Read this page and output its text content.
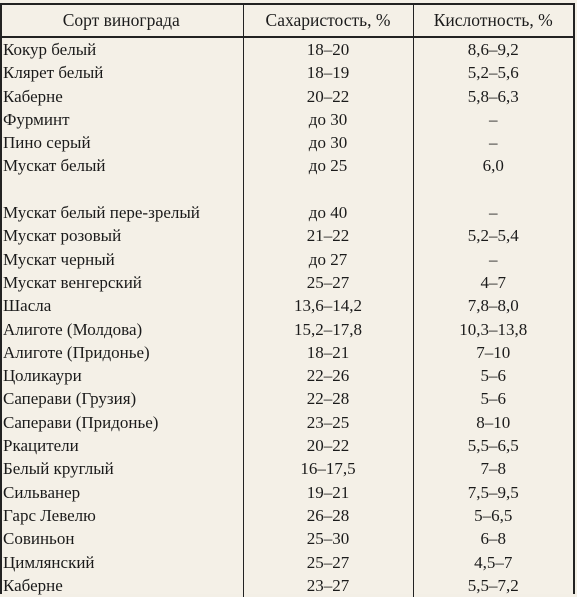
Сорт винограда	Сахаристость, %	Кислотность, %
Кокур белый	18–20	8,6–9,2
Клярет белый	18–19	5,2–5,6
Каберне	20–22	5,8–6,3
Фурминт	до 30	–
Пино серый	до 30	–
Мускат белый	до 25	6,0
Мускат белый пере-зрелый	до 40	–
Мускат розовый	21–22	5,2–5,4
Мускат черный	до 27	–
Мускат венгерский	25–27	4–7
Шасла	13,6–14,2	7,8–8,0
Алиготе (Молдова)	15,2–17,8	10,3–13,8
Алиготе (Придонье)	18–21	7–10
Цоликаури	22–26	5–6
Саперави (Грузия)	22–28	5–6
Саперави (Придонье)	23–25	8–10
Ркацители	20–22	5,5–6,5
Белый круглый	16–17,5	7–8
Сильванер	19–21	7,5–9,5
Гарс Левелю	26–28	5–6,5
Совиньон	25–30	6–8
Цимлянский	25–27	4,5–7
Каберне	23–27	5,5–7,2
